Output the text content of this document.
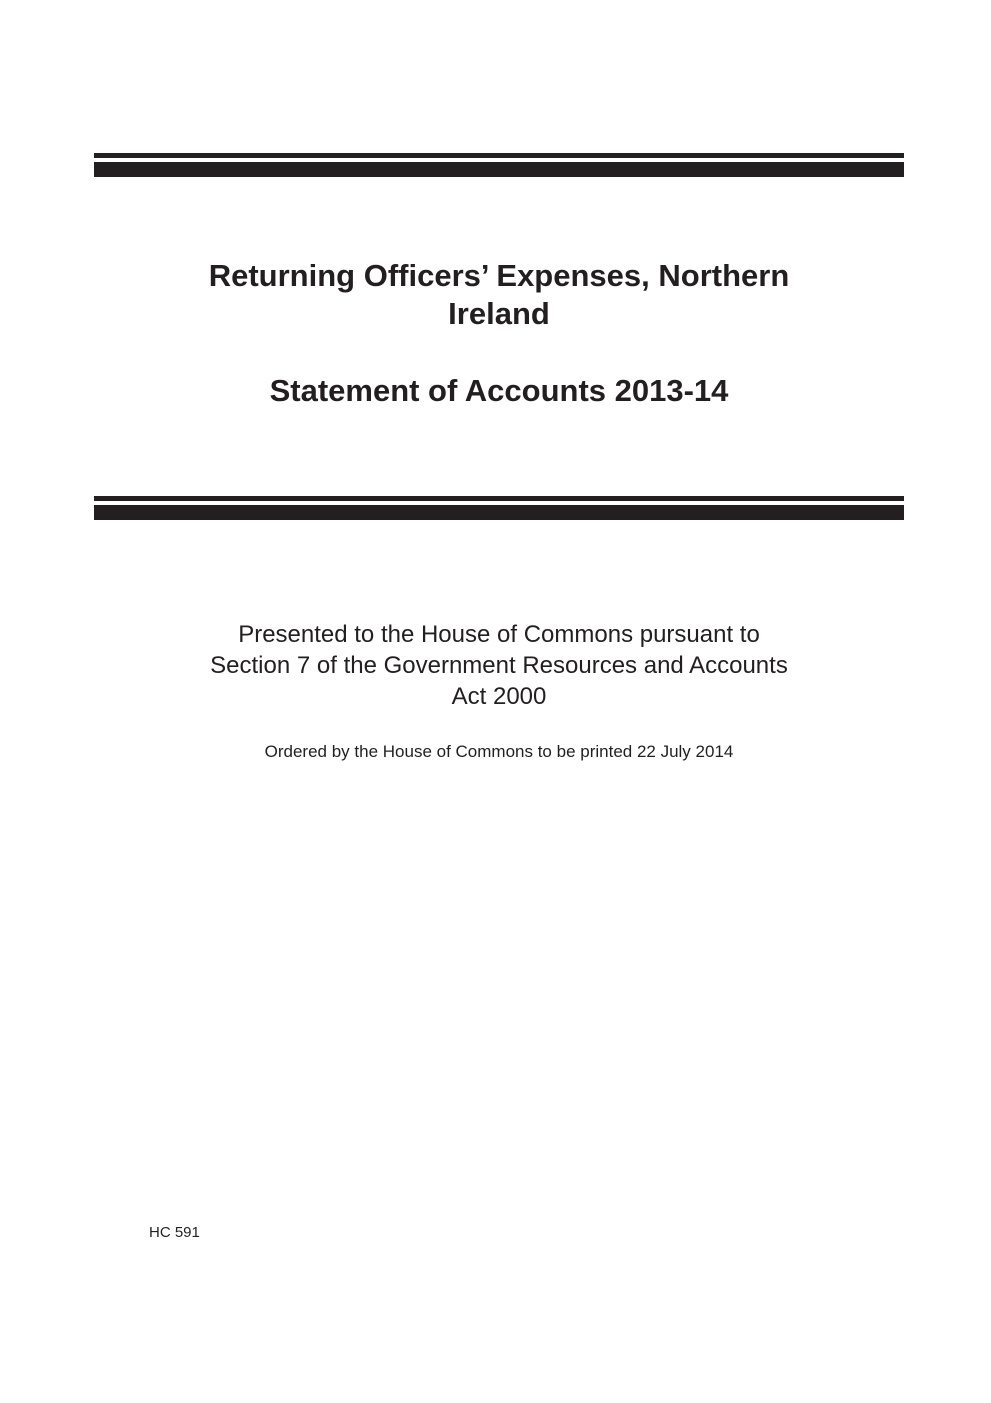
Returning Officers’ Expenses, Northern
Ireland
Statement of Accounts 2013-14

Presented to the House of Commons pursuant to
Section 7 of the Government Resources and Accounts
Act 2000

Ordered by the House of Commons to be printed 22 July 2014

HC 591
